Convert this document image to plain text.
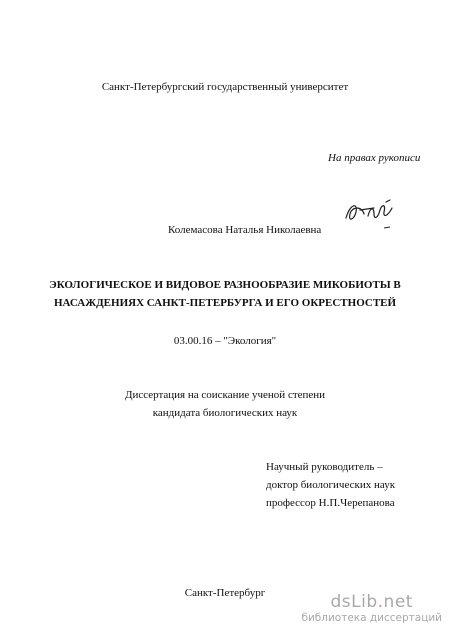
Санкт-Петербургский государственный университет
На правах рукописи
Колемасова Наталья Николаевна
ЭКОЛОГИЧЕСКОЕ И ВИДОВОЕ РАЗНООБРАЗИЕ МИКОБИОТЫ В
НАСАЖДЕНИЯХ САНКТ-ПЕТЕРБУРГА И ЕГО ОКРЕСТНОСТЕЙ
03.00.16 – "Экология"
Диссертация на соискание ученой степени
кандидата биологических наук
Научный руководитель –
доктор биологических наук
профессор Н.П.Черепанова
Санкт-Петербург	dsLib.net
библиотека диссертаций
